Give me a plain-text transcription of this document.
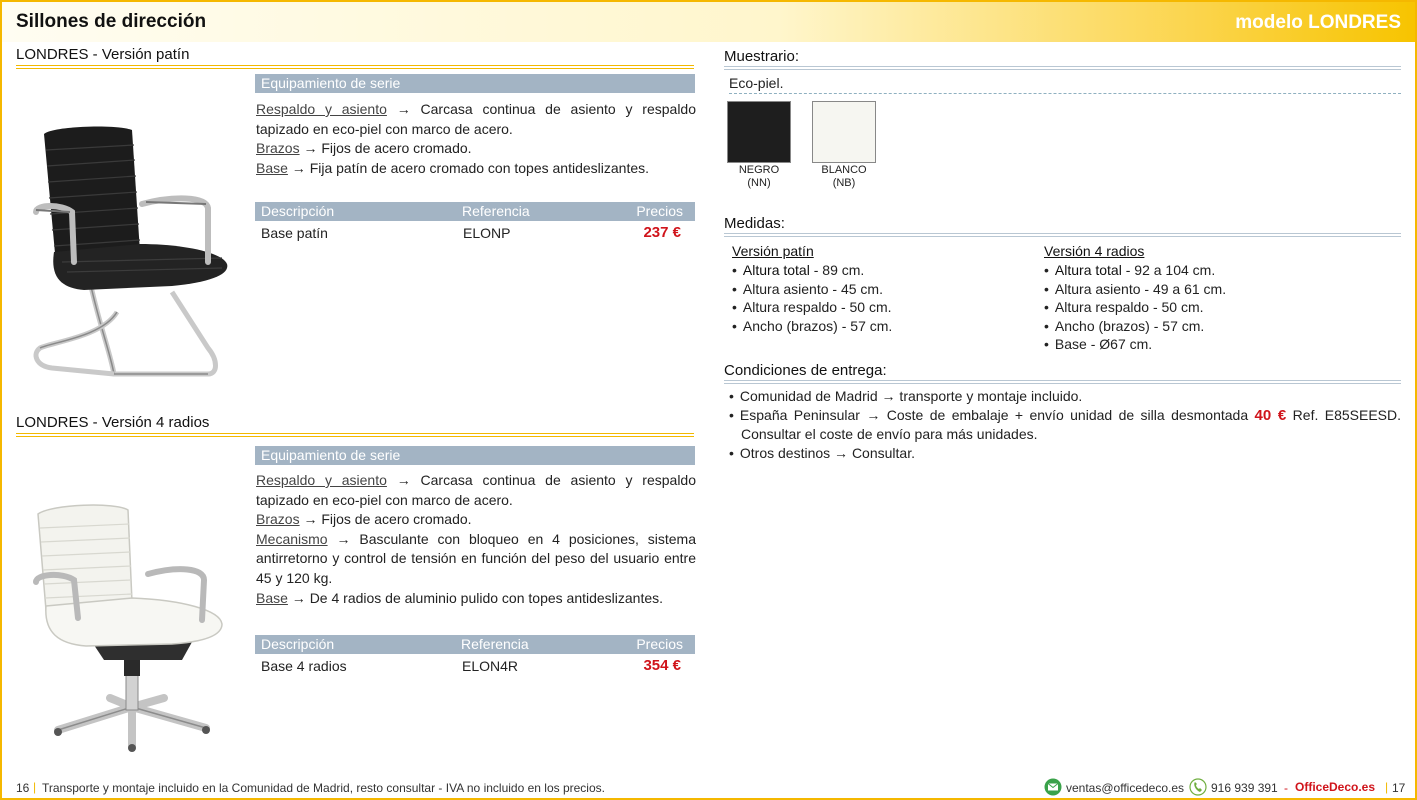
Sillones de dirección	modelo LONDRES
LONDRES - Versión patín
Equipamiento de serie
Respaldo y asiento → Carcasa continua de asiento y respaldo tapizado en eco-piel con marco de acero.
Brazos → Fijos de acero cromado.
Base → Fija patín de acero cromado con topes antideslizantes.
Descripción	Referencia	Precios
Base patín	ELONP	237 €
LONDRES - Versión 4 radios
Equipamiento de serie
Respaldo y asiento → Carcasa continua de asiento y respaldo tapizado en eco-piel con marco de acero.
Brazos → Fijos de acero cromado.
Mecanismo → Basculante con bloqueo en 4 posiciones, sistema antirretorno y control de tensión en función del peso del usuario entre 45 y 120 kg.
Base → De 4 radios de aluminio pulido con topes antideslizantes.
Descripción	Referencia	Precios
Base 4 radios	ELON4R	354 €
Muestrario:
Eco-piel.
NEGRO
(NN)
BLANCO
(NB)
Medidas:
Versión patín
• Altura total - 89 cm.
• Altura asiento - 45 cm.
• Altura respaldo - 50 cm.
• Ancho (brazos) - 57 cm.
Versión 4 radios
• Altura total - 92 a 104 cm.
• Altura asiento - 49 a 61 cm.
• Altura respaldo - 50 cm.
• Ancho (brazos) - 57 cm.
• Base - Ø67 cm.
Condiciones de entrega:
• Comunidad de Madrid → transporte y montaje incluido.
• España Peninsular → Coste de embalaje + envío unidad de silla desmontada 40 € Ref. E85SEESD. Consultar el coste de envío para más unidades.
• Otros destinos → Consultar.
16 | Transporte y montaje incluido en la Comunidad de Madrid, resto consultar - IVA no incluido en los precios.	ventas@officedeco.es 916 939 391 - OfficeDeco.es | 17
